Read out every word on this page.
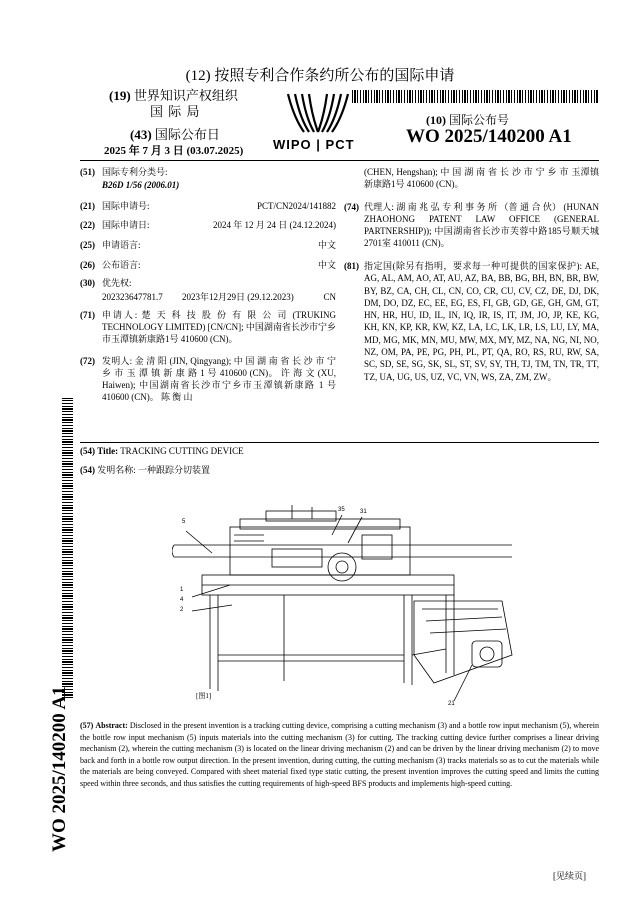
(12) 按照专利合作条约所公布的国际申请
(19) 世界知识产权组织
国 际 局
(43) 国际公布日
2025 年 7 月 3 日 (03.07.2025) WIPO | PCT
(10) 国际公布号
WO 2025/140200 A1
(51) 国际专利分类号:
B26D 1/56 (2006.01)
(21) 国际申请号:	PCT/CN2024/141882
(22) 国际申请日:	2024 年 12 月 24 日 (24.12.2024)
(25) 申请语言:	中文
(26) 公布语言:	中文
(30) 优先权:
202323647781.7 2023年12月29日 (29.12.2023)	CN
(71) 申请人: 楚 天 科 技 股 份 有 限 公 司 (TRUKING TECHNOLOGY LIMITED) [CN/CN]; 中国湖南省长沙市宁乡市玉潭镇新康路1号 410600 (CN)。
(72) 发明人: 金 清 阳 (JIN, Qingyang); 中 国 湖 南 省 长 沙 市 宁 乡 市 玉 潭 镇 新 康 路 1 号 410600 (CN)。 许 海 文 (XU, Haiwen); 中国湖南省长沙市宁乡市玉潭镇新康路 1 号 410600 (CN)。 陈 衡 山
(CHEN, Hengshan); 中 国 湖 南 省 长 沙 市 宁 乡 市 玉潭镇新康路1号 410600 (CN)。
(74) 代理人: 湖 南 兆 弘 专 利 事 务 所 （普 通 合 伙） (HUNAN ZHAOHONG PATENT LAW OFFICE (GENERAL PARTNERSHIP)); 中国湖南省长沙市芙蓉中路185号顺天城2701室 410011 (CN)。
(81) 指定国(除另有指明，要求每一种可提供的国家保护): AE, AG, AL, AM, AO, AT, AU, AZ, BA, BB, BG, BH, BN, BR, BW, BY, BZ, CA, CH, CL, CN, CO, CR, CU, CV, CZ, DE, DJ, DK, DM, DO, DZ, EC, EE, EG, ES, FI, GB, GD, GE, GH, GM, GT, HN, HR, HU, ID, IL, IN, IQ, IR, IS, IT, JM, JO, JP, KE, KG, KH, KN, KP, KR, KW, KZ, LA, LC, LK, LR, LS, LU, LY, MA, MD, MG, MK, MN, MU, MW, MX, MY, MZ, NA, NG, NI, NO, NZ, OM, PA, PE, PG, PH, PL, PT, QA, RO, RS, RU, RW, SA, SC, SD, SE, SG, SK, SL, ST, SV, SY, TH, TJ, TM, TN, TR, TT, TZ, UA, UG, US, UZ, VC, VN, WS, ZA, ZM, ZW。
(54) Title: TRACKING CUTTING DEVICE
(54) 发明名称: 一种跟踪分切装置
5
35	31
1
4
2
21
[图1]
(57) Abstract: Disclosed in the present invention is a tracking cutting device, comprising a cutting mechanism (3) and a bottle row input mechanism (5), wherein the bottle row input mechanism (5) inputs materials into the cutting mechanism (3) for cutting. The tracking cutting device further comprises a linear driving mechanism (2), wherein the cutting mechanism (3) is located on the linear driving mechanism (2) and can be driven by the linear driving mechanism (2) to move back and forth in a bottle row output direction. In the present invention, during cutting, the cutting mechanism (3) tracks materials so as to cut the materials while the materials are being conveyed. Compared with sheet material fixed type static cutting, the present invention improves the cutting speed and limits the cutting speed within three seconds, and thus satisfies the cutting requirements of high-speed BFS products and implements high-speed cutting.
WO 2025/140200 A1
[见续页]
